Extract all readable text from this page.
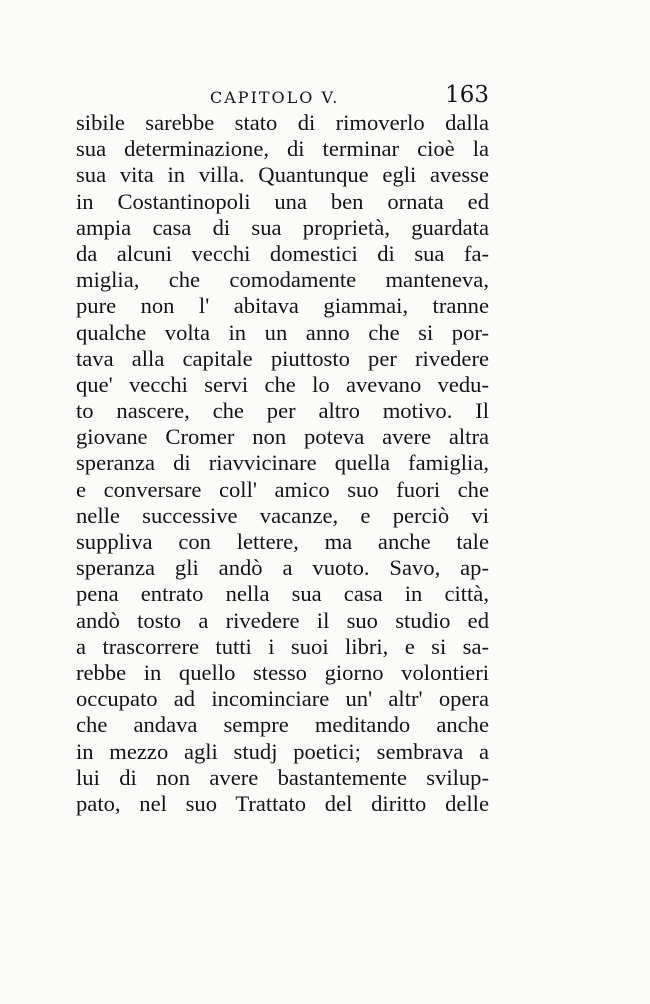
CAPITOLO V.	163
sibile sarebbe stato di rimoverlo dalla
sua determinazione, di terminar cioè la
sua vita in villa. Quantunque egli avesse
in Costantinopoli una ben ornata ed
ampia casa di sua proprietà, guardata
da alcuni vecchi domestici di sua fa-
miglia, che comodamente manteneva,
pure non l' abitava giammai, tranne
qualche volta in un anno che si por-
tava alla capitale piuttosto per rivedere
que' vecchi servi che lo avevano vedu-
to nascere, che per altro motivo. Il
giovane Cromer non poteva avere altra
speranza di riavvicinare quella famiglia,
e conversare coll' amico suo fuori che
nelle successive vacanze, e perciò vi
suppliva con lettere, ma anche tale
speranza gli andò a vuoto. Savo, ap-
pena entrato nella sua casa in città,
andò tosto a rivedere il suo studio ed
a trascorrere tutti i suoi libri, e si sa-
rebbe in quello stesso giorno volontieri
occupato ad incominciare un' altr' opera
che andava sempre meditando anche
in mezzo agli studj poetici; sembrava a
lui di non avere bastantemente svilup-
pato, nel suo Trattato del diritto delle
